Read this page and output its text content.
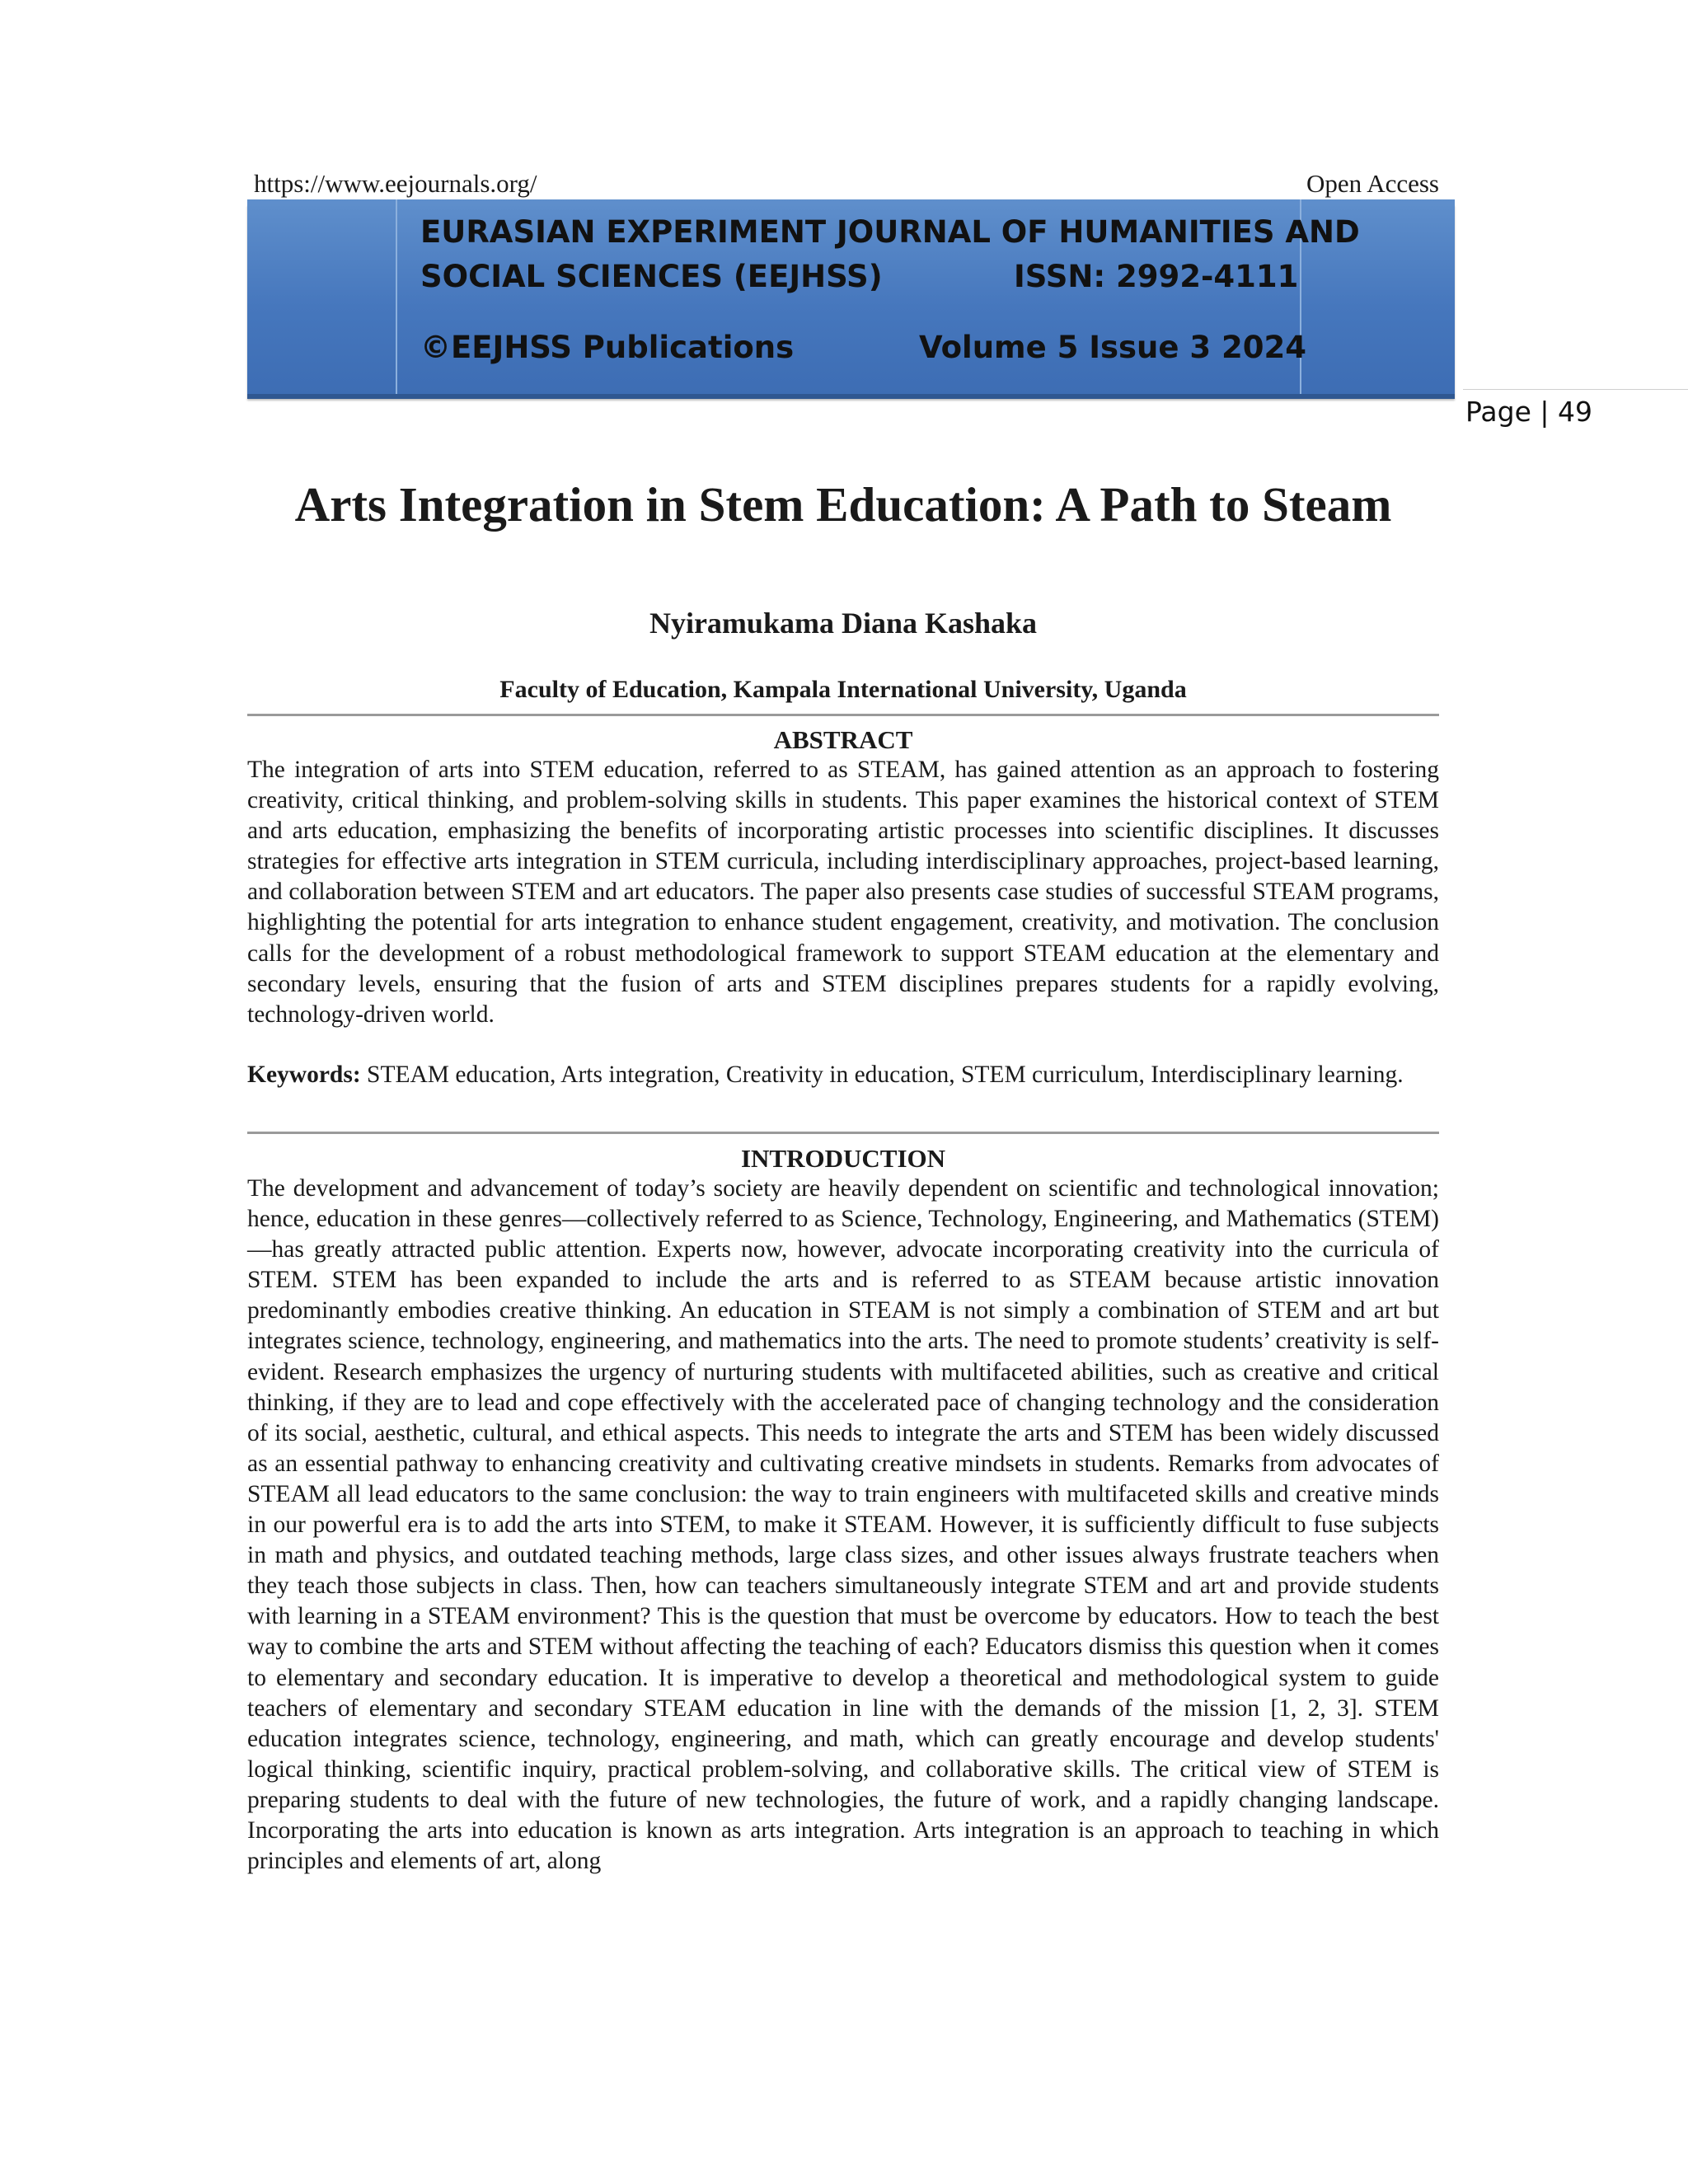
https://www.eejournals.org/	Open Access
EURASIAN EXPERIMENT JOURNAL OF HUMANITIES AND
SOCIAL SCIENCES (EEJHSS)	ISSN: 2992-4111
©EEJHSS Publications	Volume 5 Issue 3 2024
Page | 49
Arts Integration in Stem Education: A Path to Steam
Nyiramukama Diana Kashaka
Faculty of Education, Kampala International University, Uganda
ABSTRACT

The integration of arts into STEM education, referred to as STEAM, has gained attention as an approach to fostering creativity, critical thinking, and problem-solving skills in students. This paper examines the historical context of STEM and arts education, emphasizing the benefits of incorporating artistic processes into scientific disciplines. It discusses strategies for effective arts integration in STEM curricula, including interdisciplinary approaches, project-based learning, and collaboration between STEM and art educators. The paper also presents case studies of successful STEAM programs, highlighting the potential for arts integration to enhance student engagement, creativity, and motivation. The conclusion calls for the development of a robust methodological framework to support STEAM education at the elementary and secondary levels, ensuring that the fusion of arts and STEM disciplines prepares students for a rapidly evolving, technology-driven world.

Keywords: STEAM education, Arts integration, Creativity in education, STEM curriculum, Interdisciplinary learning.

INTRODUCTION

The development and advancement of today’s society are heavily dependent on scientific and technological innovation; hence, education in these genres—collectively referred to as Science, Technology, Engineering, and Mathematics (STEM)—has greatly attracted public attention. Experts now, however, advocate incorporating creativity into the curricula of STEM. STEM has been expanded to include the arts and is referred to as STEAM because artistic innovation predominantly embodies creative thinking. An education in STEAM is not simply a combination of STEM and art but integrates science, technology, engineering, and mathematics into the arts. The need to promote students’ creativity is self-evident. Research emphasizes the urgency of nurturing students with multifaceted abilities, such as creative and critical thinking, if they are to lead and cope effectively with the accelerated pace of changing technology and the consideration of its social, aesthetic, cultural, and ethical aspects. This needs to integrate the arts and STEM has been widely discussed as an essential pathway to enhancing creativity and cultivating creative mindsets in students. Remarks from advocates of STEAM all lead educators to the same conclusion: the way to train engineers with multifaceted skills and creative minds in our powerful era is to add the arts into STEM, to make it STEAM. However, it is sufficiently difficult to fuse subjects in math and physics, and outdated teaching methods, large class sizes, and other issues always frustrate teachers when they teach those subjects in class. Then, how can teachers simultaneously integrate STEM and art and provide students with learning in a STEAM environment? This is the question that must be overcome by educators. How to teach the best way to combine the arts and STEM without affecting the teaching of each? Educators dismiss this question when it comes to elementary and secondary education. It is imperative to develop a theoretical and methodological system to guide teachers of elementary and secondary STEAM education in line with the demands of the mission [1, 2, 3]. STEM education integrates science, technology, engineering, and math, which can greatly encourage and develop students' logical thinking, scientific inquiry, practical problem-solving, and collaborative skills. The critical view of STEM is preparing students to deal with the future of new technologies, the future of work, and a rapidly changing landscape. Incorporating the arts into education is known as arts integration. Arts integration is an approach to teaching in which principles and elements of art, along
